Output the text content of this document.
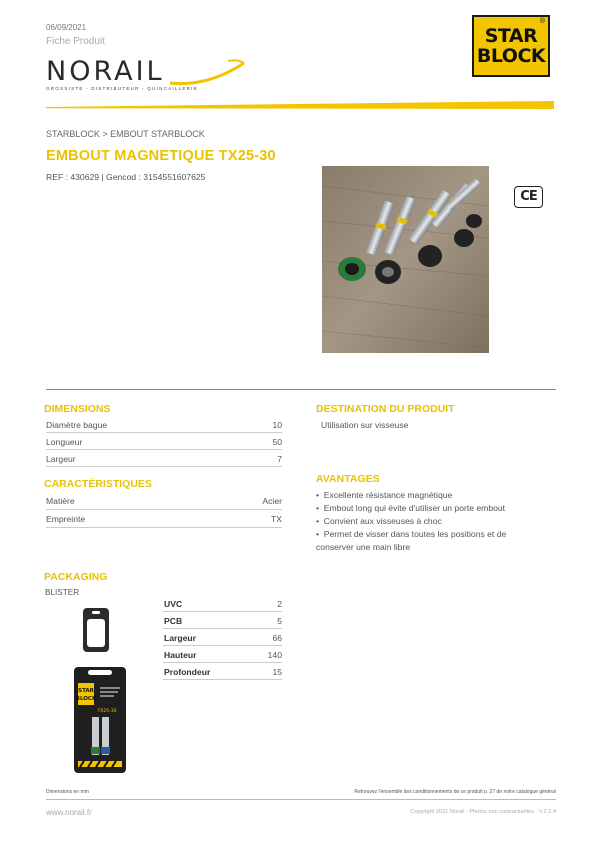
06/09/2021
Fiche Produit
NORAIL
GROSSISTE - DISTRIBUTEUR - QUINCAILLERIE
®
STAR
BLOCK
STARBLOCK > EMBOUT STARBLOCK
EMBOUT MAGNETIQUE TX25-30
REF : 430629 | Gencod : 3154551607625
CE
DIMENSIONS
Diamètre bague	10
Longueur	50
Largeur	7
CARACTÉRISTIQUES
Matière	Acier
Empreinte	TX
DESTINATION DU PRODUIT
Utilisation sur visseuse
AVANTAGES
•  Excellente résistance magnétique
•  Embout long qui évite d'utiliser un porte embout
•  Convient aux visseuses à choc
•  Permet de visser dans toutes les positions et de
conserver une main libre
PACKAGING
BLISTER
UVC	2
PCB	5
Largeur	66
Hauteur	140
Profondeur	15
STAR
BLOCK
TX25-30
Dimensions en mm	Retrouvez l'ensemble des conditionnements de ce produit p. 27 de notre catalogue général
www.norail.fr	Copyright 2021 Norail - Photos non contractuelles - V.2.1.4
